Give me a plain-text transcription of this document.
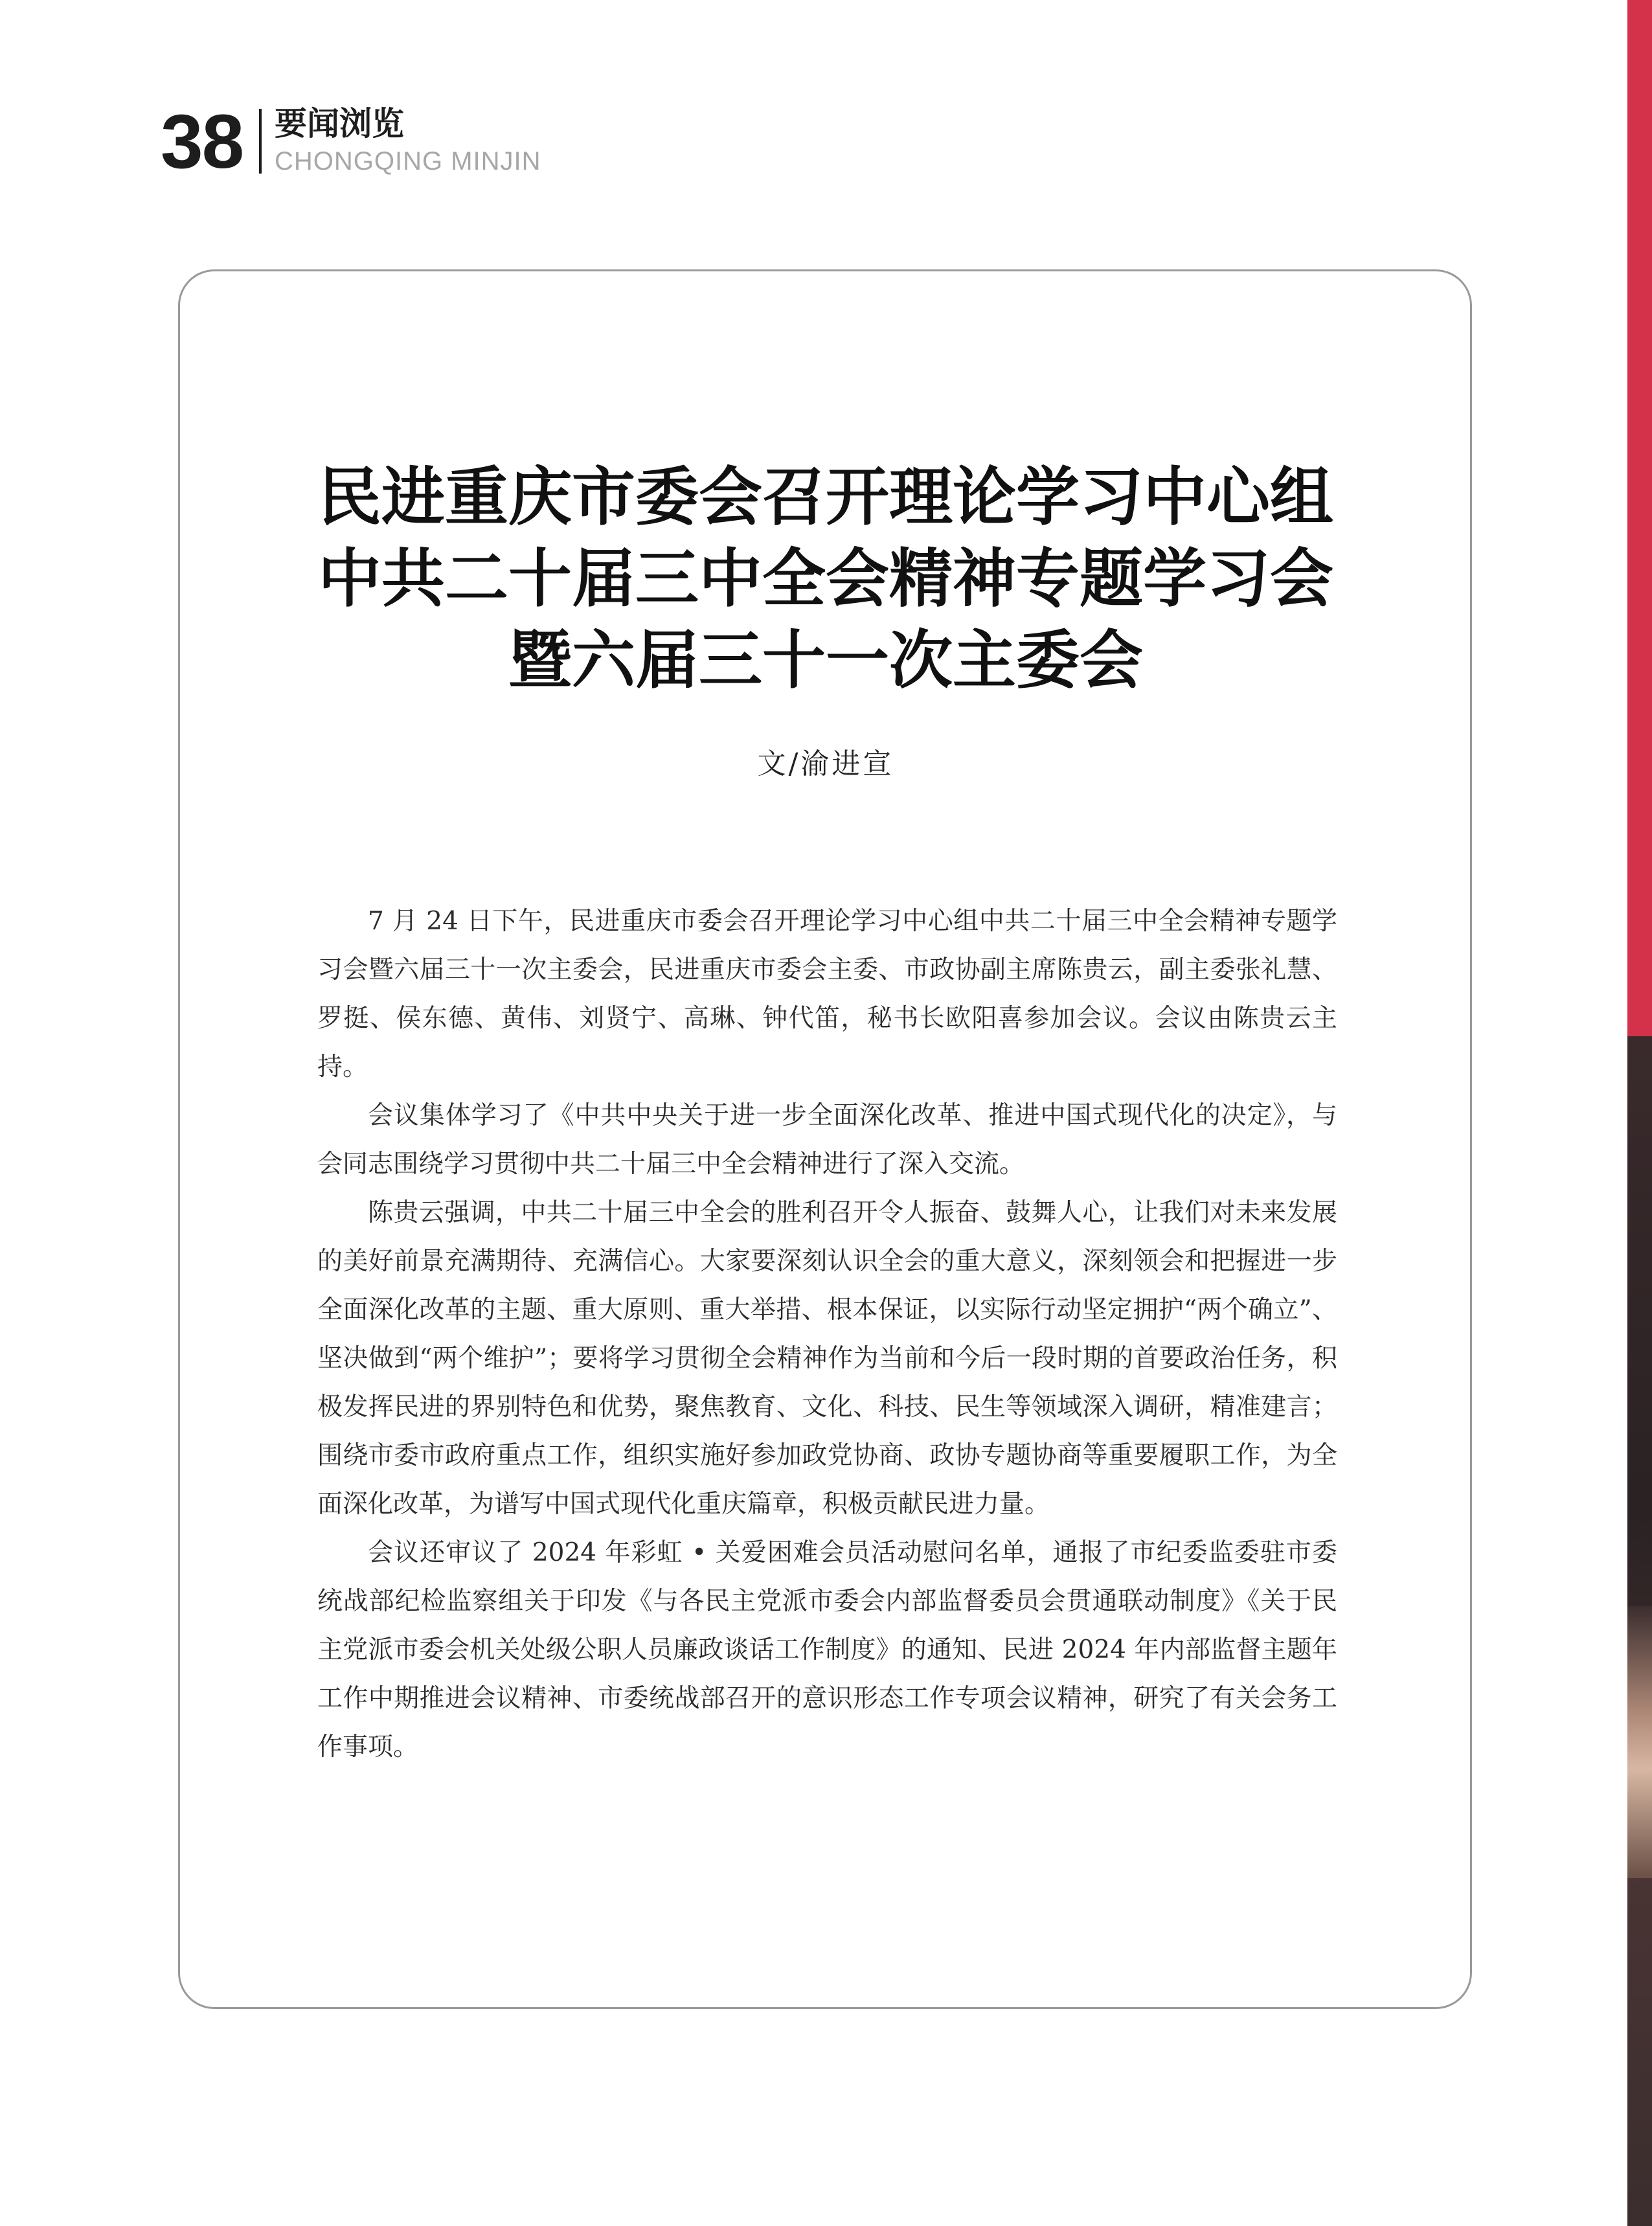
38 要闻浏览
CHONGQING MINJIN
民进重庆市委会召开理论学习中心组
中共二十届三中全会精神专题学习会
暨六届三十一次主委会
文/渝进宣

7 月 24 日下午，民进重庆市委会召开理论学习中心组中共二十届三中全会精神专题学习会暨六届三十一次主委会，民进重庆市委会主委、市政协副主席陈贵云，副主委张礼慧、罗挺、侯东德、黄伟、刘贤宁、高琳、钟代笛，秘书长欧阳喜参加会议。会议由陈贵云主持。

会议集体学习了《中共中央关于进一步全面深化改革、推进中国式现代化的决定》，与会同志围绕学习贯彻中共二十届三中全会精神进行了深入交流。

陈贵云强调，中共二十届三中全会的胜利召开令人振奋、鼓舞人心，让我们对未来发展的美好前景充满期待、充满信心。大家要深刻认识全会的重大意义，深刻领会和把握进一步全面深化改革的主题、重大原则、重大举措、根本保证，以实际行动坚定拥护“两个确立”、坚决做到“两个维护”；要将学习贯彻全会精神作为当前和今后一段时期的首要政治任务，积极发挥民进的界别特色和优势，聚焦教育、文化、科技、民生等领域深入调研，精准建言；围绕市委市政府重点工作，组织实施好参加政党协商、政协专题协商等重要履职工作，为全面深化改革，为谱写中国式现代化重庆篇章，积极贡献民进力量。

会议还审议了 2024 年彩虹 • 关爱困难会员活动慰问名单，通报了市纪委监委驻市委统战部纪检监察组关于印发《与各民主党派市委会内部监督委员会贯通联动制度》《关于民主党派市委会机关处级公职人员廉政谈话工作制度》的通知、民进 2024 年内部监督主题年工作中期推进会议精神、市委统战部召开的意识形态工作专项会议精神，研究了有关会务工作事项。
